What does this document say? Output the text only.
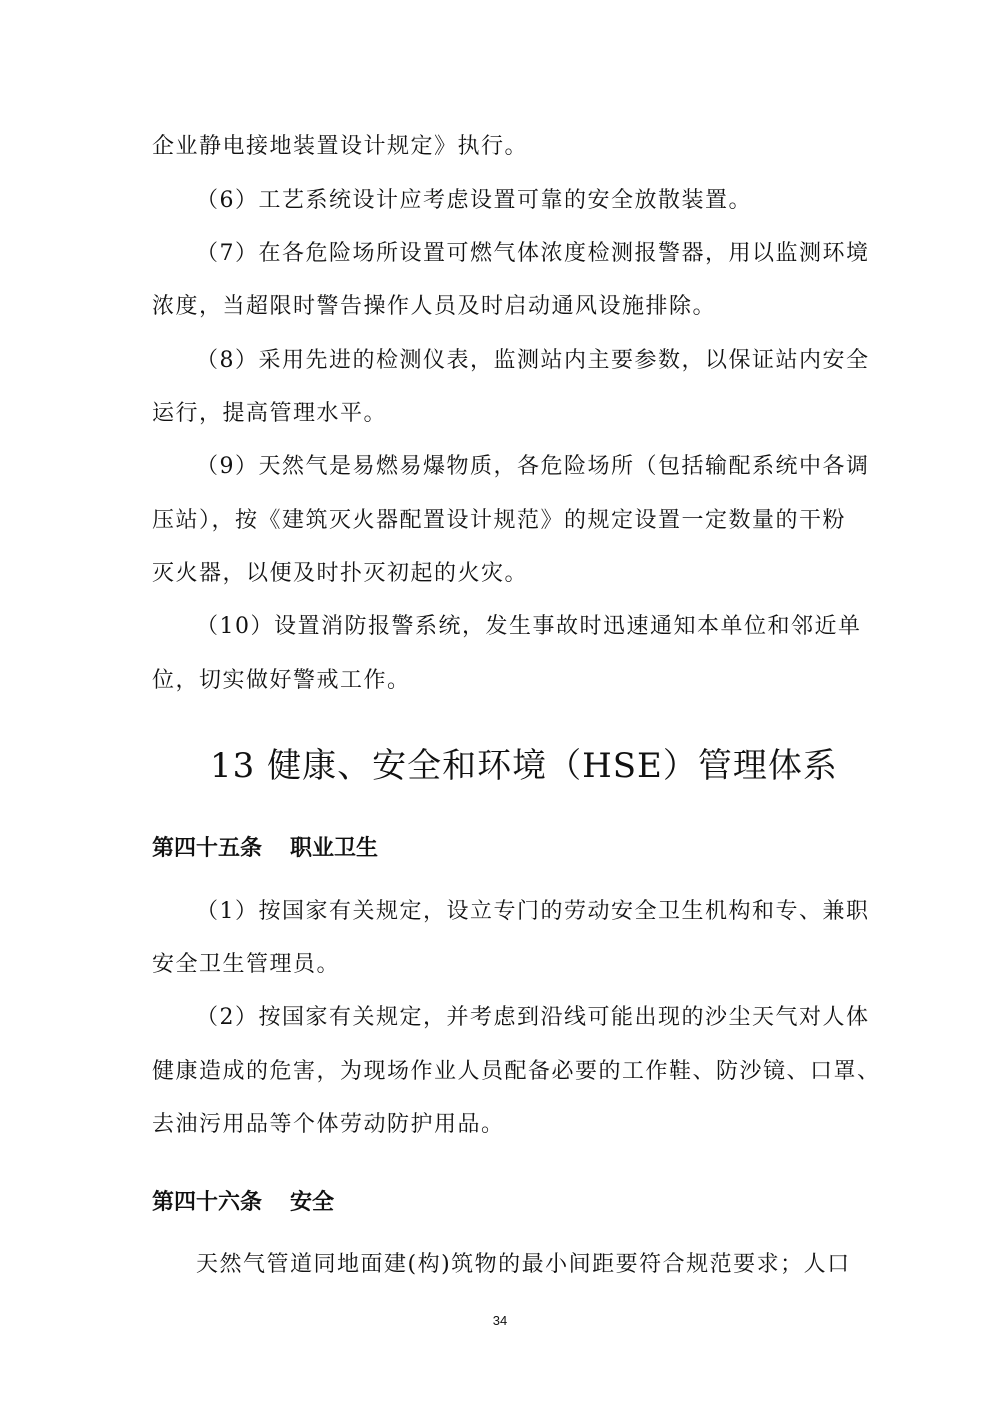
企业静电接地装置设计规定》执行。
（6）工艺系统设计应考虑设置可靠的安全放散装置。
（7）在各危险场所设置可燃气体浓度检测报警器，用以监测环境
浓度，当超限时警告操作人员及时启动通风设施排除。
（8）采用先进的检测仪表，监测站内主要参数，以保证站内安全
运行，提高管理水平。
（9）天然气是易燃易爆物质，各危险场所（包括输配系统中各调
压站），按《建筑灭火器配置设计规范》的规定设置一定数量的干粉
灭火器，以便及时扑灭初起的火灾。
（10）设置消防报警系统，发生事故时迅速通知本单位和邻近单
位，切实做好警戒工作。
13 健康、安全和环境（HSE）管理体系
第四十五条 职业卫生
（1）按国家有关规定，设立专门的劳动安全卫生机构和专、兼职
安全卫生管理员。
（2）按国家有关规定，并考虑到沿线可能出现的沙尘天气对人体
健康造成的危害，为现场作业人员配备必要的工作鞋、防沙镜、口罩、
去油污用品等个体劳动防护用品。
第四十六条 安全
天然气管道同地面建(构)筑物的最小间距要符合规范要求；人口
34
